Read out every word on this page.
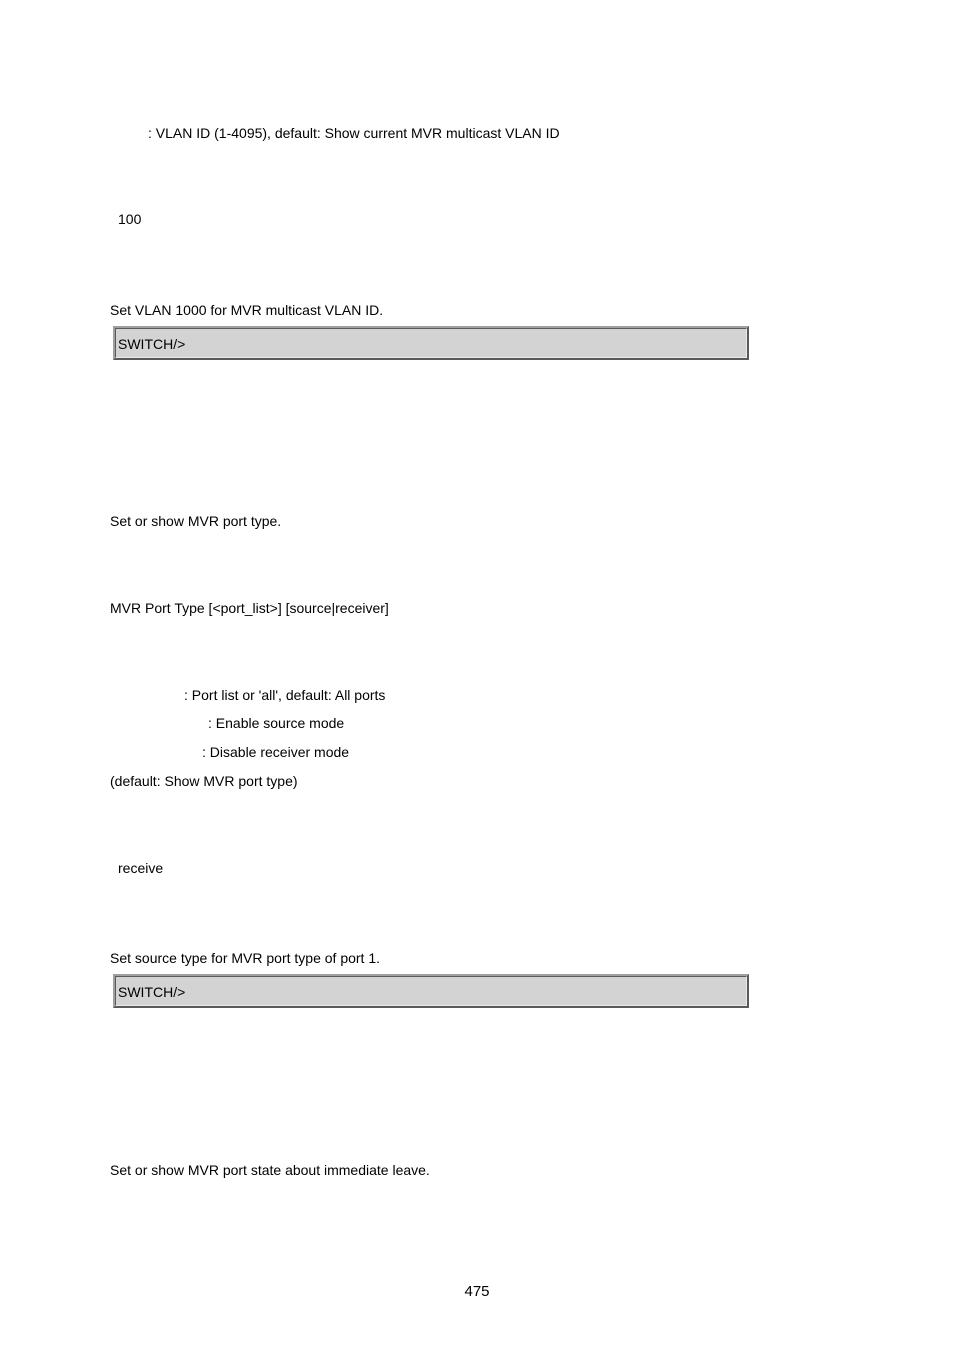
: VLAN ID (1-4095), default: Show current MVR multicast VLAN ID
100
Set VLAN 1000 for MVR multicast VLAN ID.
SWITCH/>
Set or show MVR port type.
MVR Port Type [<port_list>] [source|receiver]
: Port list or 'all', default: All ports
: Enable source mode
: Disable receiver mode
(default: Show MVR port type)
receive
Set source type for MVR port type of port 1.
SWITCH/>
Set or show MVR port state about immediate leave.
475
